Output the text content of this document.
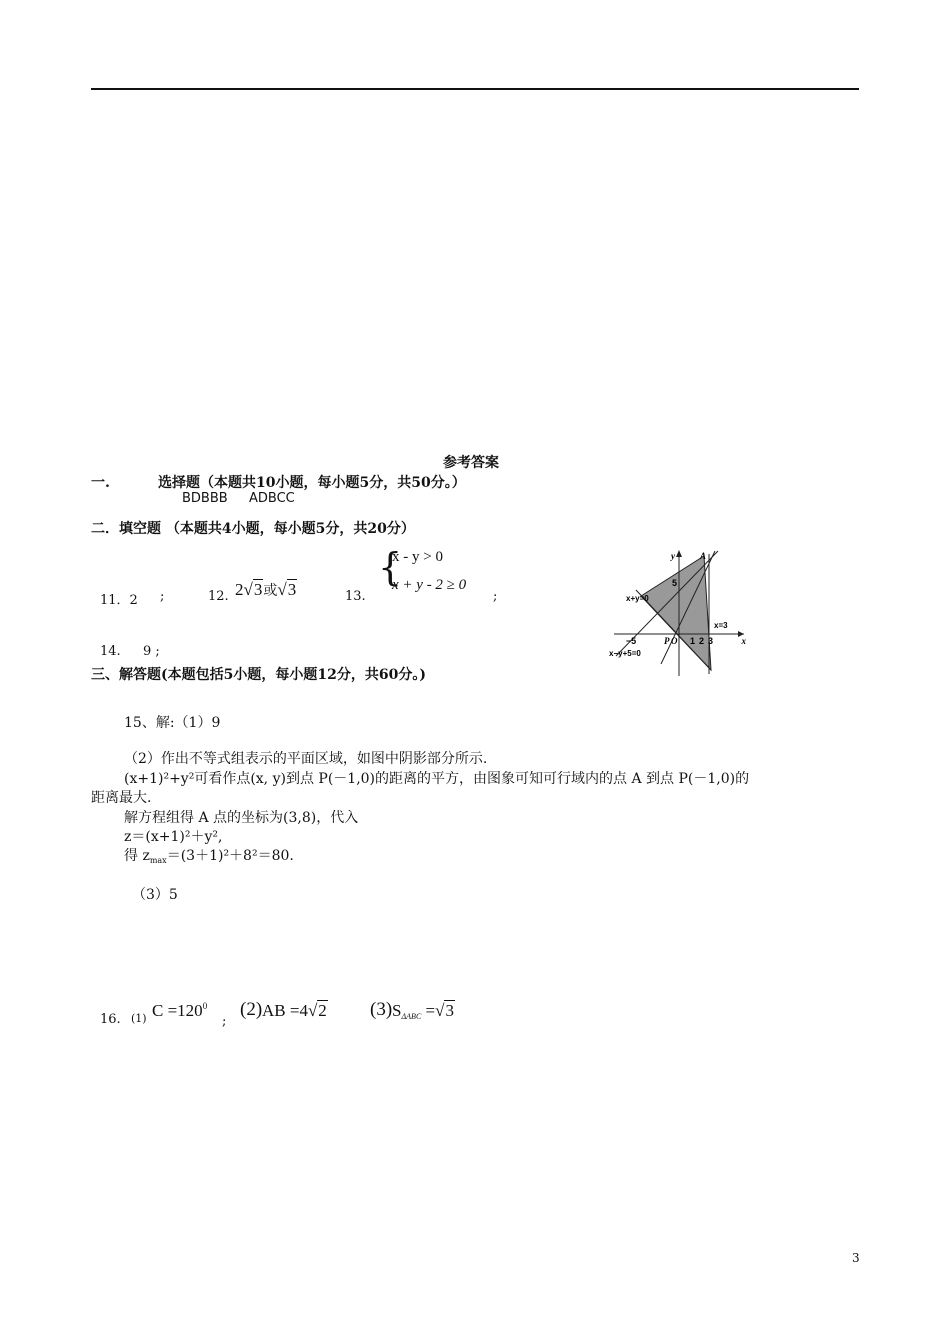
参考答案
一.	选择题（本题共10小题，每小题5分，共50分。）
BDBBB ADBCC
二．填空题 （本题共4小题，每小题5分，共20分）
11．2 ;	12. 2√3或√3	13.
{
x - y > 0
x + y - 2 ≥ 0
;
14. 9 ;
y
x
A
5
x+y=0
x=3
x−y+5=0
−5	P O 1 2 3
三、解答题(本题包括5小题，每小题12分，共60分。)
15、解:（1）9
（2）作出不等式组表示的平面区域，如图中阴影部分所示.
(x+1)²+y²可看作点(x, y)到点 P(－1,0)的距离的平方，由图象可知可行域内的点 A 到点 P(－1,0)的
距离最大.
解方程组得 A 点的坐标为(3,8)，代入
z＝(x+1)²＋y²,
得 $z_{max}=(3+1)^2+8^2=80$.
（3）5
16. (1) $C =120^0$
;
(2) AB =4√2 (3) $S_{\Delta ABC} =√3$
3
